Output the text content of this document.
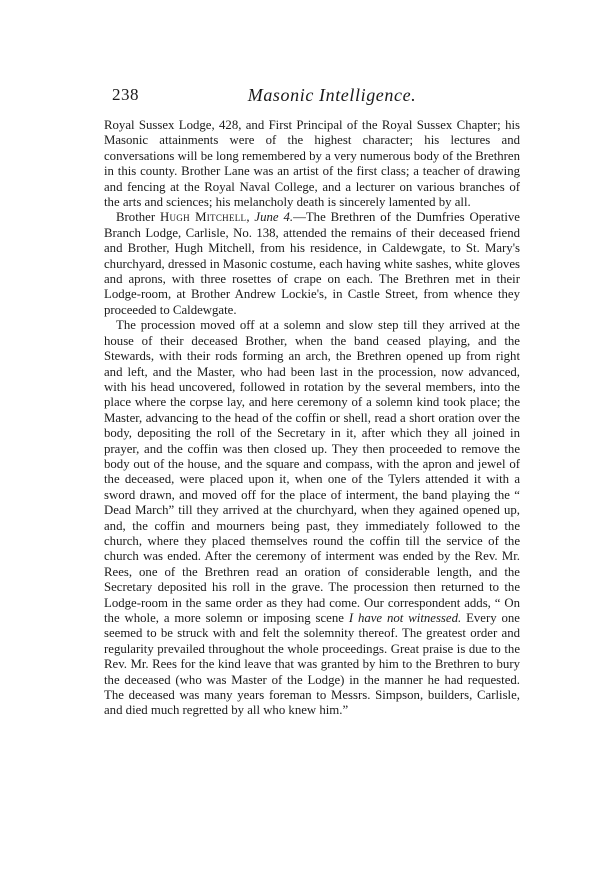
238	Masonic Intelligence.

Royal Sussex Lodge, 428, and First Principal of the Royal Sussex Chapter; his Masonic attainments were of the highest character; his lectures and conversations will be long remembered by a very numerous body of the Brethren in this county. Brother Lane was an artist of the first class; a teacher of drawing and fencing at the Royal Naval College, and a lecturer on various branches of the arts and sciences; his melancholy death is sincerely lamented by all.

Brother Hugh Mitchell, June 4.—The Brethren of the Dumfries Operative Branch Lodge, Carlisle, No. 138, attended the remains of their deceased friend and Brother, Hugh Mitchell, from his residence, in Caldewgate, to St. Mary's churchyard, dressed in Masonic costume, each having white sashes, white gloves and aprons, with three rosettes of crape on each. The Brethren met in their Lodge-room, at Brother Andrew Lockie's, in Castle Street, from whence they proceeded to Caldewgate.

The procession moved off at a solemn and slow step till they arrived at the house of their deceased Brother, when the band ceased playing, and the Stewards, with their rods forming an arch, the Brethren opened up from right and left, and the Master, who had been last in the procession, now advanced, with his head uncovered, followed in rotation by the several members, into the place where the corpse lay, and here ceremony of a solemn kind took place; the Master, advancing to the head of the coffin or shell, read a short oration over the body, depositing the roll of the Secretary in it, after which they all joined in prayer, and the coffin was then closed up. They then proceeded to remove the body out of the house, and the square and compass, with the apron and jewel of the deceased, were placed upon it, when one of the Tylers attended it with a sword drawn, and moved off for the place of interment, the band playing the “ Dead March” till they arrived at the churchyard, when they agained opened up, and, the coffin and mourners being past, they immediately followed to the church, where they placed themselves round the coffin till the service of the church was ended. After the ceremony of interment was ended by the Rev. Mr. Rees, one of the Brethren read an oration of considerable length, and the Secretary deposited his roll in the grave. The procession then returned to the Lodge-room in the same order as they had come. Our correspondent adds, “ On the whole, a more solemn or imposing scene I have not witnessed. Every one seemed to be struck with and felt the solemnity thereof. The greatest order and regularity prevailed throughout the whole proceedings. Great praise is due to the Rev. Mr. Rees for the kind leave that was granted by him to the Brethren to bury the deceased (who was Master of the Lodge) in the manner he had requested. The deceased was many years foreman to Messrs. Simpson, builders, Carlisle, and died much regretted by all who knew him.”
